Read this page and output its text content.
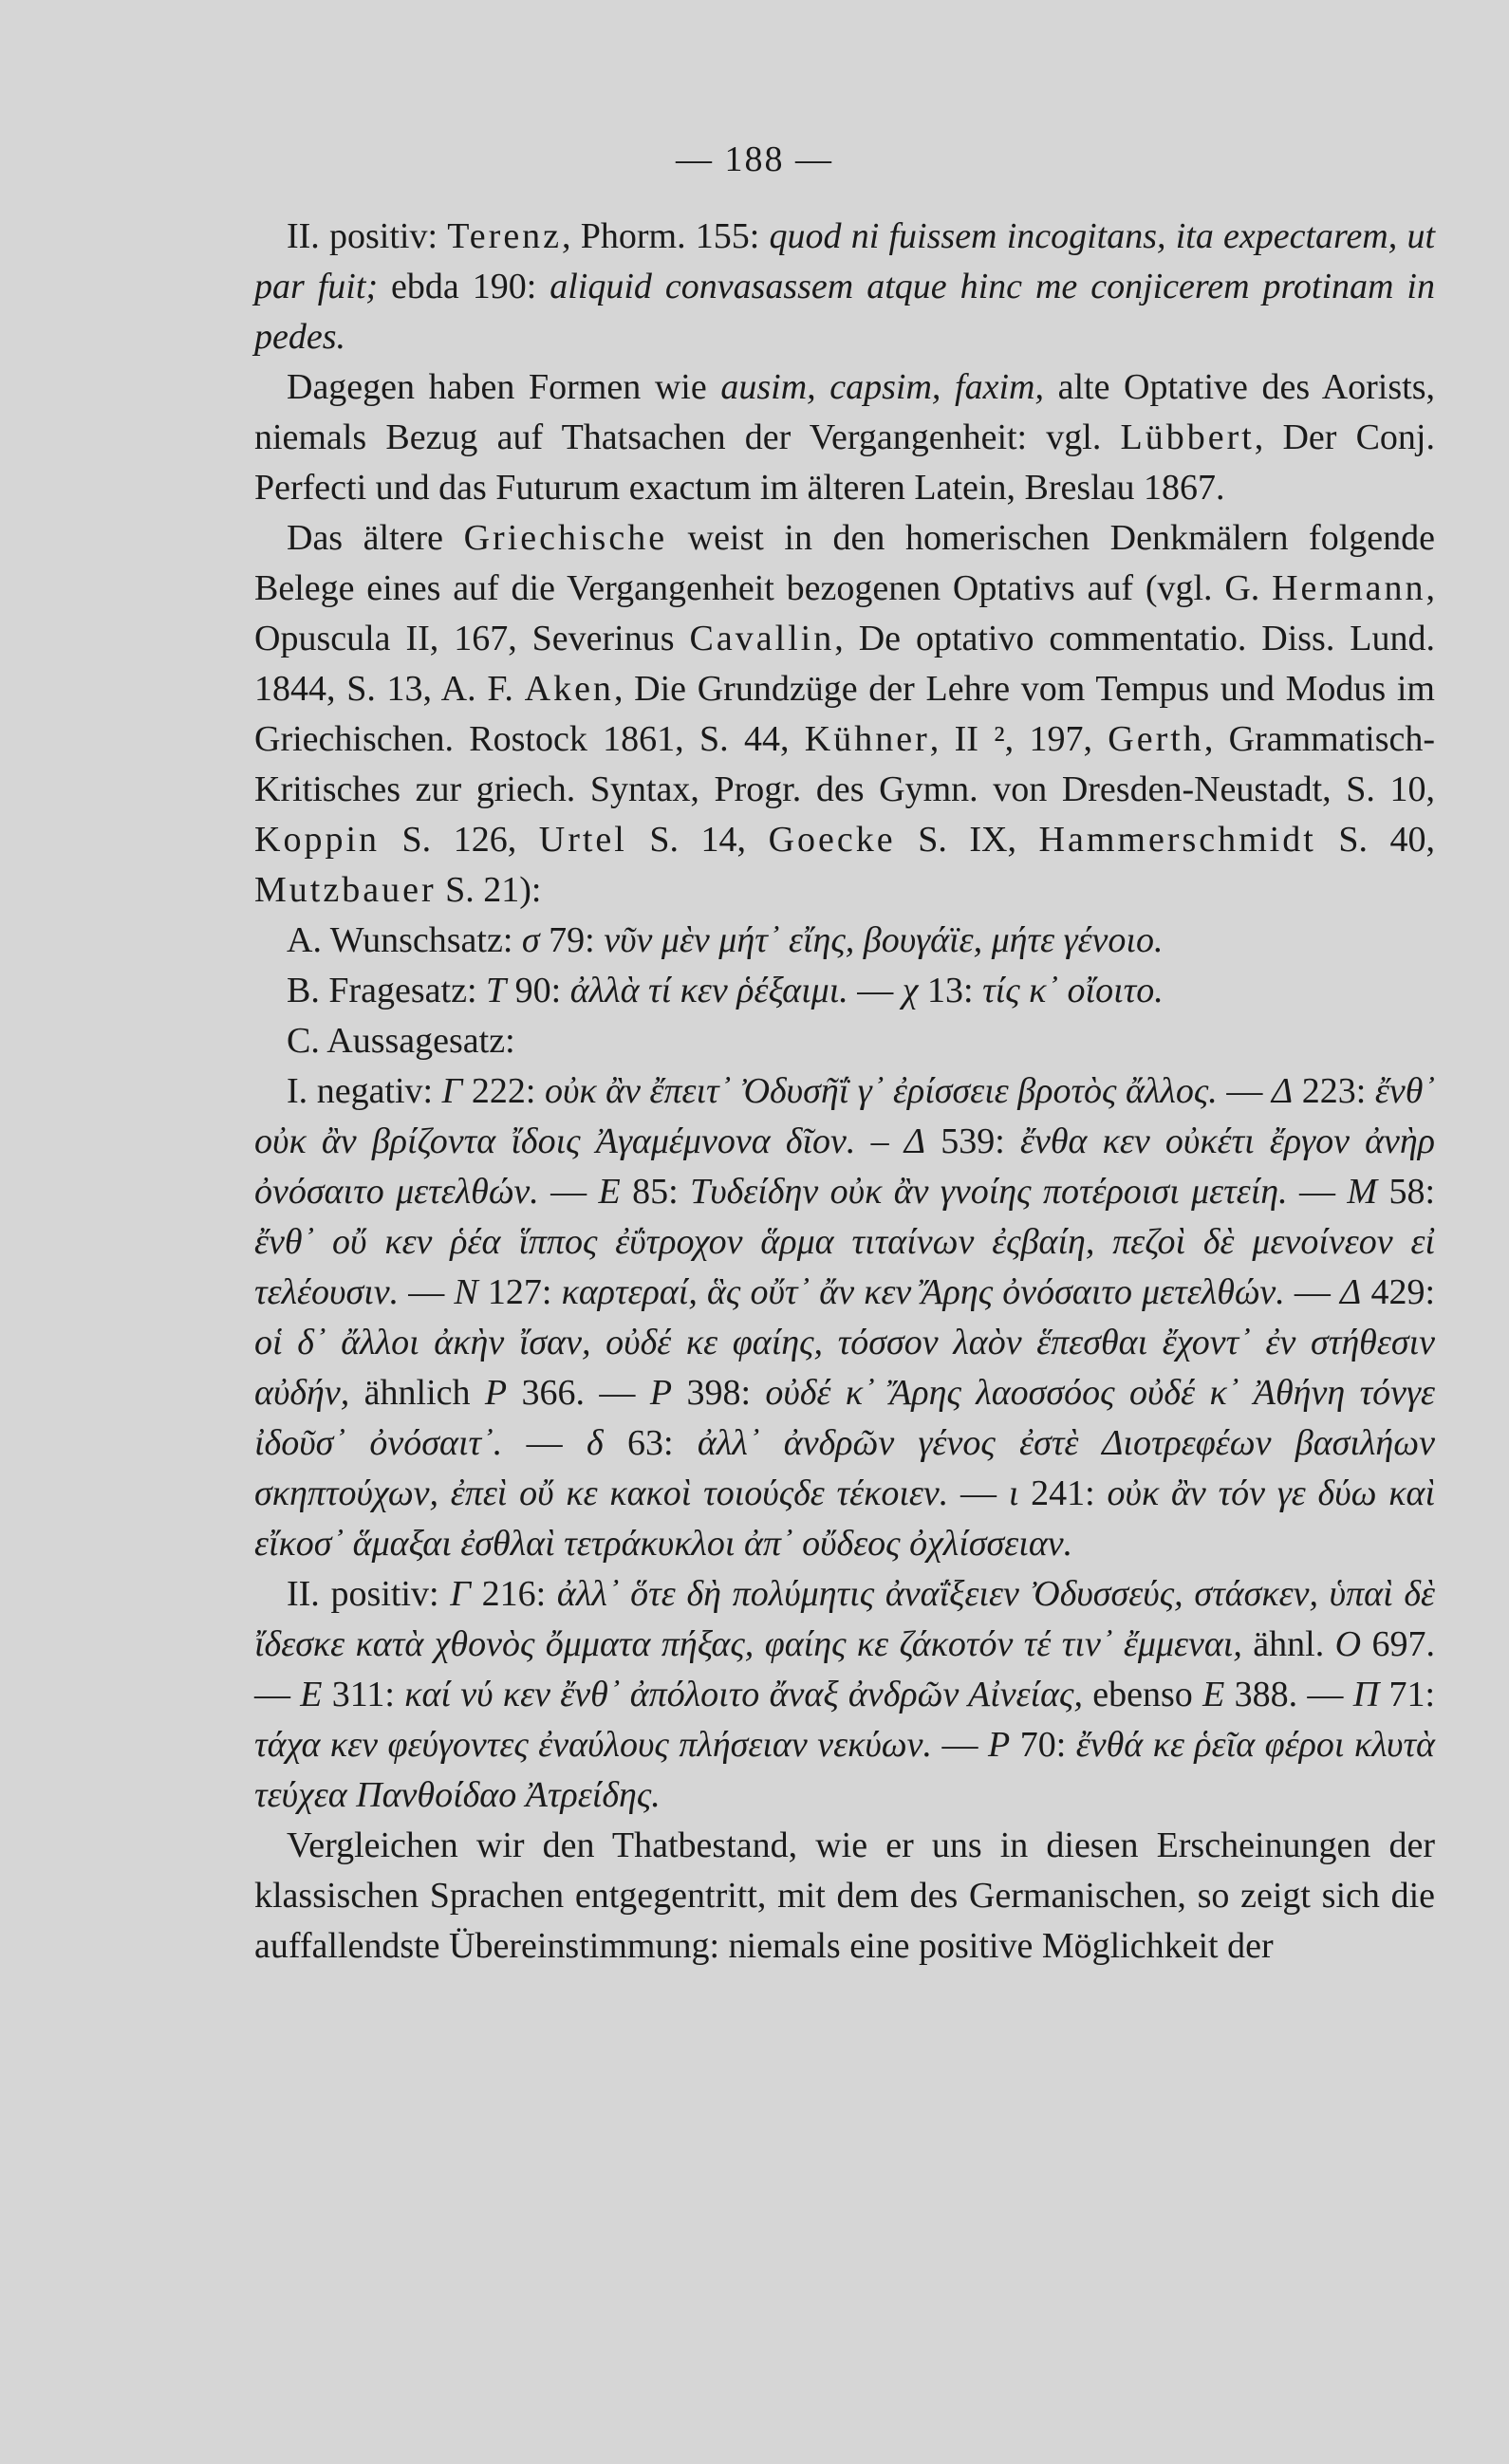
— 188 —

II. positiv: Terenz, Phorm. 155: quod ni fuissem incogitans, ita expectarem, ut par fuit; ebda 190: aliquid convasassem atque hinc me conjicerem protinam in pedes.

Dagegen haben Formen wie ausim, capsim, faxim, alte Optative des Aorists, niemals Bezug auf Thatsachen der Vergangenheit: vgl. Lübbert, Der Conj. Perfecti und das Futurum exactum im älteren Latein, Breslau 1867.

Das ältere Griechische weist in den homerischen Denkmälern folgende Belege eines auf die Vergangenheit bezogenen Optativs auf (vgl. G. Hermann, Opuscula II, 167, Severinus Cavallin, De optativo commentatio. Diss. Lund. 1844, S. 13, A. F. Aken, Die Grundzüge der Lehre vom Tempus und Modus im Griechischen. Rostock 1861, S. 44, Kühner, II ², 197, Gerth, Grammatisch-Kritisches zur griech. Syntax, Progr. des Gymn. von Dresden-Neustadt, S. 10, Koppin S. 126, Urtel S. 14, Goecke S. IX, Hammerschmidt S. 40, Mutzbauer S. 21):

A. Wunschsatz: σ 79: νῦν μὲν μήτ᾽ εἴης, βουγάϊε, μήτε γένοιο.

B. Fragesatz: T 90: ἀλλὰ τί κεν ῥέξαιμι. — χ 13: τίς κ᾽ οἴοιτο.

C. Aussagesatz:

I. negativ: Γ 222: οὐκ ἂν ἔπειτ᾽ Ὀδυσῆΐ γ᾽ ἐρίσσειε βροτὸς ἄλλος. — Δ 223: ἔνθ᾽ οὐκ ἂν βρίζοντα ἴδοις Ἀγαμέμνονα δῖον. – Δ 539: ἔνθα κεν οὐκέτι ἔργον ἀνὴρ ὀνόσαιτο μετελθών. — E 85: Τυδείδην οὐκ ἂν γνοίης ποτέροισι μετείη. — M 58: ἔνθ᾽ οὔ κεν ῥέα ἵππος ἐΰτροχον ἅρμα τιταίνων ἐςβαίη, πεζοὶ δὲ μενοίνεον εἰ τελέουσιν. — N 127: καρτεραί, ἃς οὔτ᾽ ἄν κεν Ἄρης ὀνόσαιτο μετελθών. — Δ 429: οἱ δ᾽ ἄλλοι ἀκὴν ἴσαν, οὐδέ κε φαίης, τόσσον λαὸν ἕπεσθαι ἔχοντ᾽ ἐν στήθεσιν αὐδήν, ähnlich P 366. — P 398: οὐδέ κ᾽ Ἄρης λαοσσόος οὐδέ κ᾽ Ἀθήνη τόνγε ἰδοῦσ᾽ ὀνόσαιτ᾽. — δ 63: ἀλλ᾽ ἀνδρῶν γένος ἐστὲ Διοτρεφέων βασιλήων σκηπτούχων, ἐπεὶ οὔ κε κακοὶ τοιούςδε τέκοιεν. — ι 241: οὐκ ἂν τόν γε δύω καὶ εἴκοσ᾽ ἅμαξαι ἐσθλαὶ τετράκυκλοι ἀπ᾽ οὔδεος ὀχλίσσειαν.

II. positiv: Γ 216: ἀλλ᾽ ὅτε δὴ πολύμητις ἀναΐξειεν Ὀδυσσεύς, στάσκεν, ὑπαὶ δὲ ἴδεσκε κατὰ χθονὸς ὄμματα πήξας, φαίης κε ζάκοτόν τέ τιν᾽ ἔμμεναι, ähnl. O 697. — E 311: καί νύ κεν ἔνθ᾽ ἀπόλοιτο ἄναξ ἀνδρῶν Αἰνείας, ebenso E 388. — Π 71: τάχα κεν φεύγοντες ἐναύλους πλήσειαν νεκύων. — P 70: ἔνθά κε ῥεῖα φέροι κλυτὰ τεύχεα Πανθοίδαο Ἀτρείδης.

Vergleichen wir den Thatbestand, wie er uns in diesen Erscheinungen der klassischen Sprachen entgegentritt, mit dem des Germanischen, so zeigt sich die auffallendste Übereinstimmung: niemals eine positive Möglichkeit der
